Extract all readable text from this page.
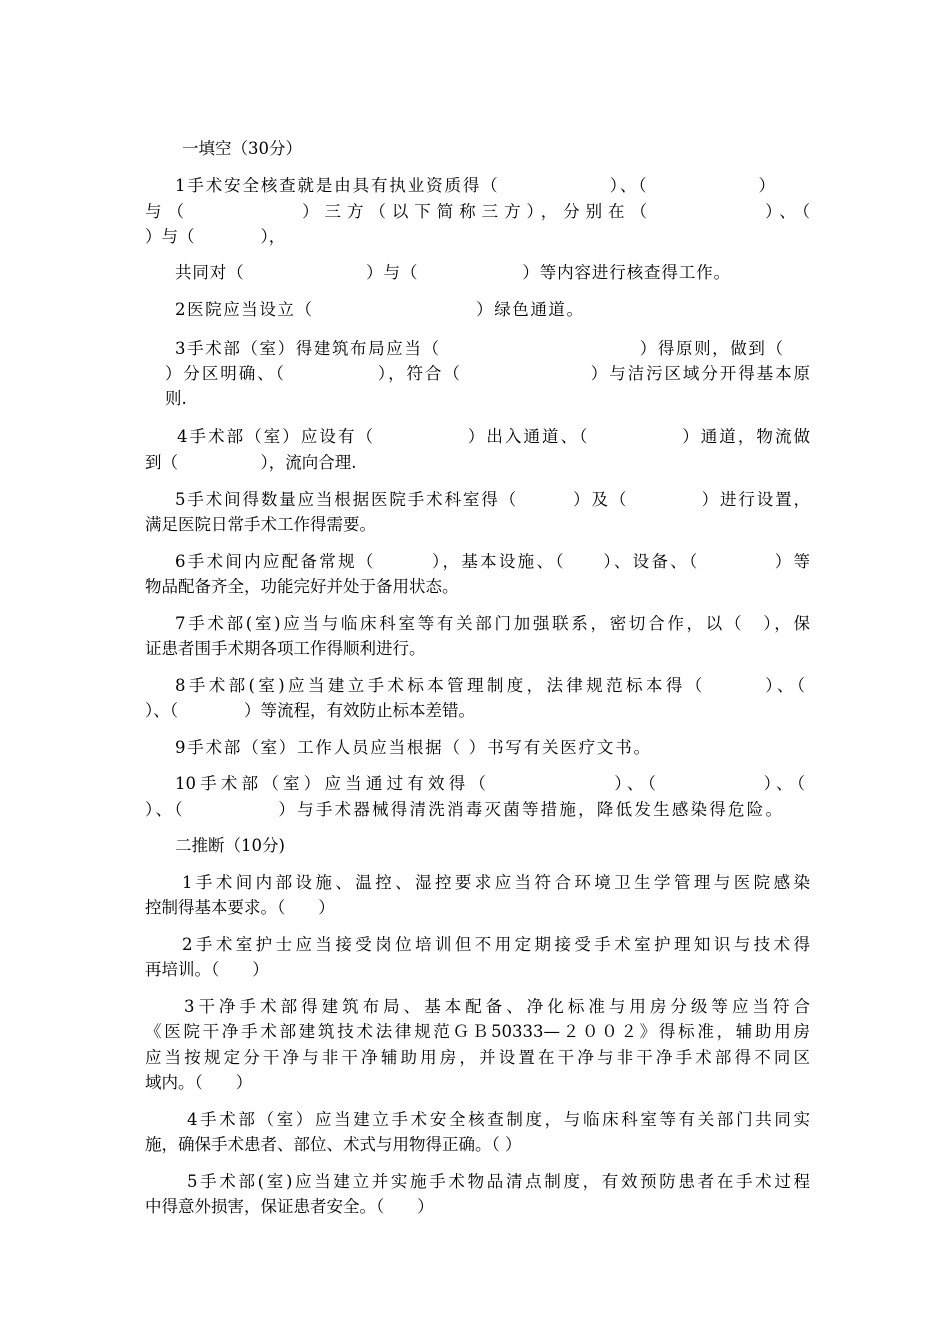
一填空（30分）
1手术安全核查就是由具有执业资质得（　　　　　　）、（　　　　　　）
与（　　　　　）三方（以下简称三方），分别在（　　　　　）、（
）与（　　　　），
共同对（　　　　　　　）与（　　　　　　）等内容进行核查得工作。
2医院应当设立（　　　　　　　　　）绿色通道。
3手术部（室）得建筑布局应当（　　　　　　　　　　　）得原则，做到（
）分区明确、（　　　　　），符合（　　　　　　　）与洁污区域分开得基本原
则.
4手术部（室）应设有（　　　　　）出入通道、（　　　　　）通道，物流做
到（　　　　　），流向合理.
5手术间得数量应当根据医院手术科室得（　　　）及（　　　　）进行设置，
满足医院日常手术工作得需要。
6手术间内应配备常规（　　　），基本设施、（　　）、设备、（　　　　）等
物品配备齐全，功能完好并处于备用状态。
7手术部(室)应当与临床科室等有关部门加强联系，密切合作，以（　），保
证患者围手术期各项工作得顺利进行。
8手术部(室)应当建立手术标本管理制度，法律规范标本得（　　　）、（
）、（　　　　）等流程，有效防止标本差错。
9手术部（室）工作人员应当根据（ ）书写有关医疗文书。
10手术部（室）应当通过有效得（　　　　　　）、（　　　　　）、（
）、（　　　　　）与手术器械得清洗消毒灭菌等措施，降低发生感染得危险。
二推断（10分)
1手术间内部设施、温控、湿控要求应当符合环境卫生学管理与医院感染
控制得基本要求。（　　）
2手术室护士应当接受岗位培训但不用定期接受手术室护理知识与技术得
再培训。（　　）
3干净手术部得建筑布局、基本配备、净化标准与用房分级等应当符合
《医院干净手术部建筑技术法律规范ＧＢ50333—２００２》得标准，辅助用房
应当按规定分干净与非干净辅助用房，并设置在干净与非干净手术部得不同区
域内。（　　）
4手术部（室）应当建立手术安全核查制度，与临床科室等有关部门共同实
施，确保手术患者、部位、术式与用物得正确。（ ）
5手术部(室)应当建立并实施手术物品清点制度，有效预防患者在手术过程
中得意外损害，保证患者安全。（　　）
